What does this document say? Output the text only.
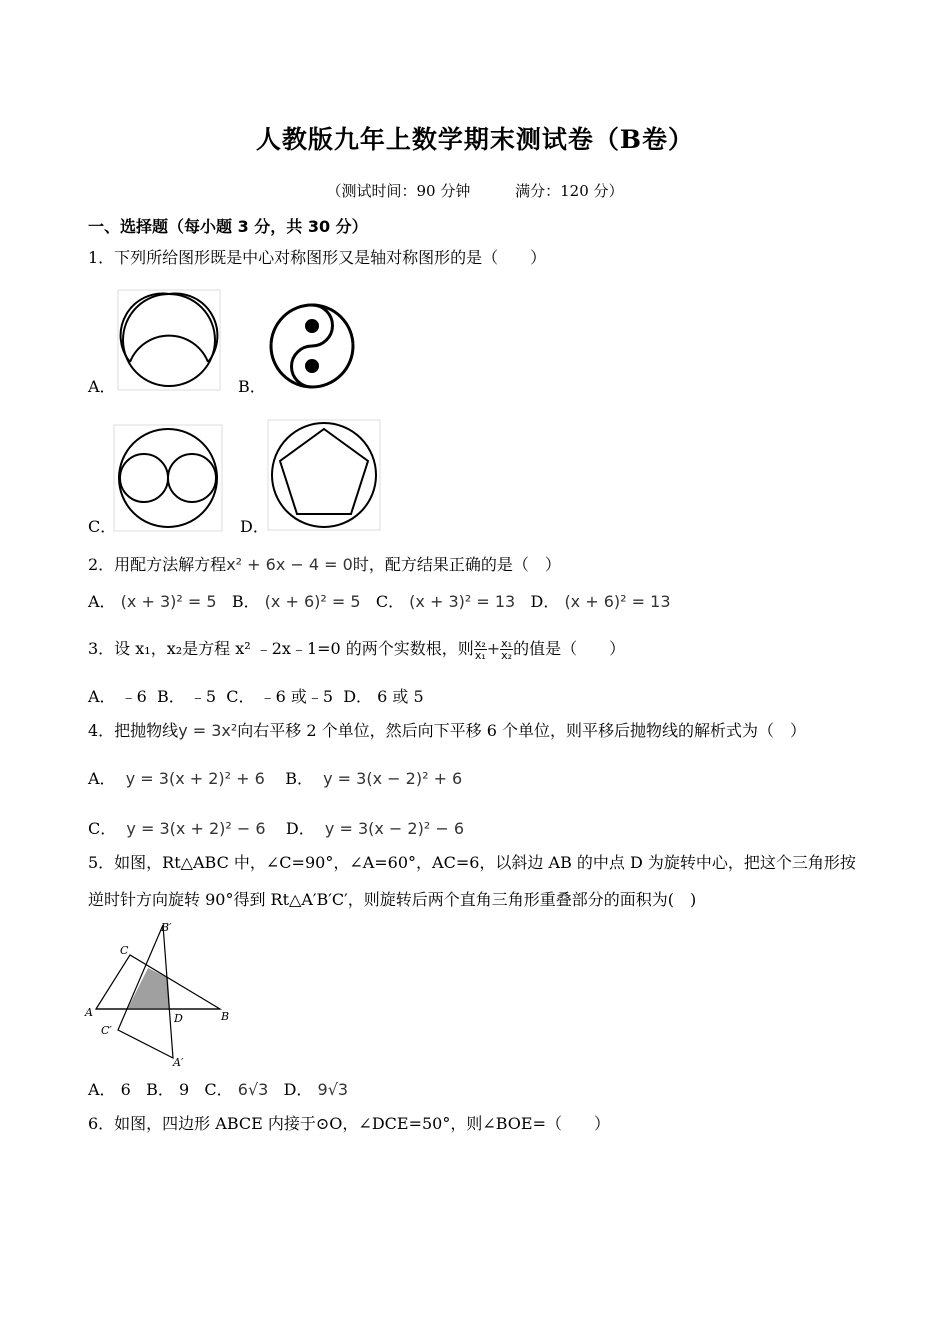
人教版九年上数学期末测试卷（B卷）
（测试时间：90 分钟	满分：120 分）
一、选择题（每小题 3 分，共 30 分）
1．下列所给图形既是中心对称图形又是轴对称图形的是（　　）
A．	B．
C．	D．
2．用配方法解方程x² + 6x − 4 = 0时，配方结果正确的是（　）
A． (x + 3)² = 5 B． (x + 6)² = 5 C． (x + 3)² = 13 D． (x + 6)² = 13
3．设 x₁，x₂是方程 x² ﹣2x﹣1=0 的两个实数根，则 $\frac{\text{x₂}}{\text{x₁}} + \frac{\text{x₁}}{\text{x₂}}$ 的值是（　　）
A． ﹣6 B． ﹣5 C． ﹣6 或﹣5 D． 6 或 5
4．把抛物线y = 3x²向右平移 2 个单位，然后向下平移 6 个单位，则平移后抛物线的解析式为（　）
A． y = 3(x + 2)² + 6 B． y = 3(x − 2)² + 6
C． y = 3(x + 2)² − 6 D． y = 3(x − 2)² − 6
5．如图，Rt△ABC 中，∠C=90°，∠A=60°，AC=6，以斜边 AB 的中点 D 为旋转中心，把这个三角形按
逆时针方向旋转 90°得到 Rt△A′B′C′，则旋转后两个直角三角形重叠部分的面积为(　)
C
B′
A	D	B
C′
A′
A． 6 B． 9 C． 6√3 D． 9√3
6．如图，四边形 ABCE 内接于⊙O，∠DCE=50°，则∠BOE=（　　）
